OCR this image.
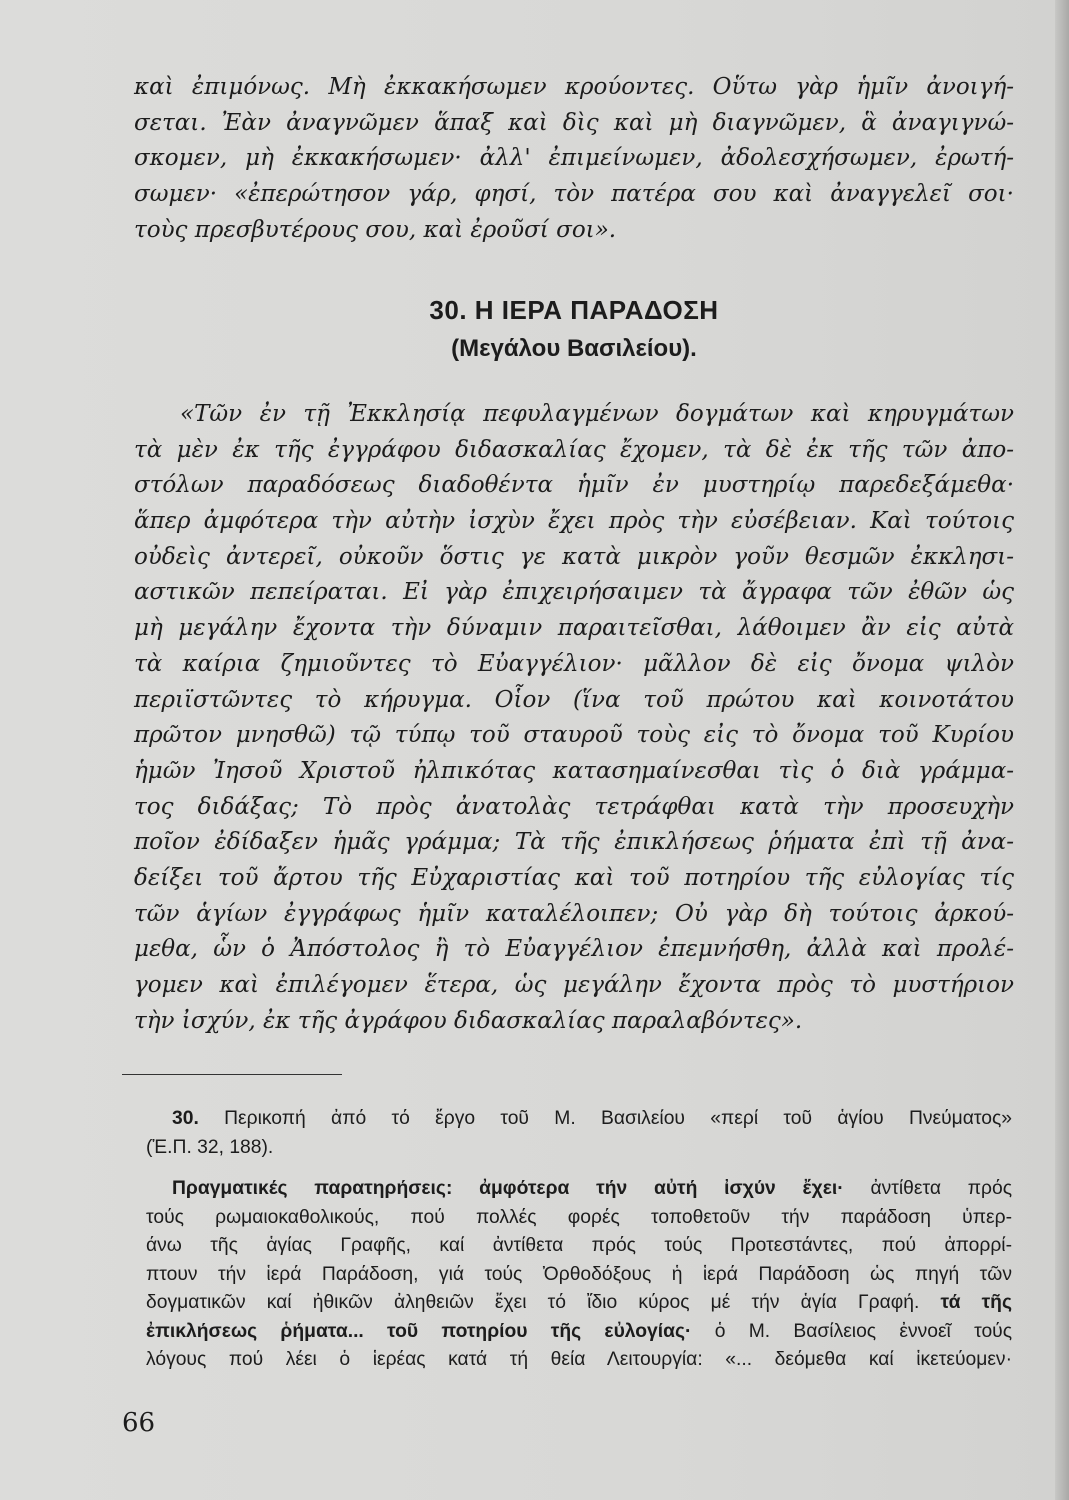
καὶ ἐπιμόνως. Μὴ ἐκκακήσωμεν κρούοντες. Οὕτω γὰρ ἡμῖν ἀνοιγή-
σεται. Ἐὰν ἀναγνῶμεν ἅπαξ καὶ δὶς καὶ μὴ διαγνῶμεν, ἃ ἀναγιγνώ-
σκομεν, μὴ ἐκκακήσωμεν· ἀλλ' ἐπιμείνωμεν, ἀδολεσχήσωμεν, ἐρωτή-
σωμεν· «ἐπερώτησον γάρ, φησί, τὸν πατέρα σου καὶ ἀναγγελεῖ σοι·
τοὺς πρεσβυτέρους σου, καὶ ἐροῦσί σοι».
30. Η ΙΕΡΑ ΠΑΡΑΔΟΣΗ
(Μεγάλου Βασιλείου).
«Τῶν ἐν τῇ Ἐκκλησίᾳ πεφυλαγμένων δογμάτων καὶ κηρυγμάτων
τὰ μὲν ἐκ τῆς ἐγγράφου διδασκαλίας ἔχομεν, τὰ δὲ ἐκ τῆς τῶν ἀπο-
στόλων παραδόσεως διαδοθέντα ἡμῖν ἐν μυστηρίῳ παρεδεξάμεθα·
ἅπερ ἀμφότερα τὴν αὐτὴν ἰσχὺν ἔχει πρὸς τὴν εὐσέβειαν. Καὶ τούτοις
οὐδεὶς ἀντερεῖ, οὐκοῦν ὅστις γε κατὰ μικρὸν γοῦν θεσμῶν ἐκκλησι-
αστικῶν πεπείραται. Εἰ γὰρ ἐπιχειρήσαιμεν τὰ ἄγραφα τῶν ἐθῶν ὡς
μὴ μεγάλην ἔχοντα τὴν δύναμιν παραιτεῖσθαι, λάθοιμεν ἂν εἰς αὐτὰ
τὰ καίρια ζημιοῦντες τὸ Εὐαγγέλιον· μᾶλλον δὲ εἰς ὄνομα ψιλὸν
περιϊστῶντες τὸ κήρυγμα. Οἷον (ἵνα τοῦ πρώτου καὶ κοινοτάτου
πρῶτον μνησθῶ) τῷ τύπῳ τοῦ σταυροῦ τοὺς εἰς τὸ ὄνομα τοῦ Κυρίου
ἡμῶν Ἰησοῦ Χριστοῦ ἠλπικότας κατασημαίνεσθαι τὶς ὁ διὰ γράμμα-
τος διδάξας; Τὸ πρὸς ἀνατολὰς τετράφθαι κατὰ τὴν προσευχὴν
ποῖον ἐδίδαξεν ἡμᾶς γράμμα; Τὰ τῆς ἐπικλήσεως ῥήματα ἐπὶ τῇ ἀνα-
δείξει τοῦ ἄρτου τῆς Εὐχαριστίας καὶ τοῦ ποτηρίου τῆς εὐλογίας τίς
τῶν ἁγίων ἐγγράφως ἡμῖν καταλέλοιπεν; Οὐ γὰρ δὴ τούτοις ἀρκού-
μεθα, ὧν ὁ Ἀπόστολος ἢ τὸ Εὐαγγέλιον ἐπεμνήσθη, ἀλλὰ καὶ προλέ-
γομεν καὶ ἐπιλέγομεν ἕτερα, ὡς μεγάλην ἔχοντα πρὸς τὸ μυστήριον
τὴν ἰσχύν, ἐκ τῆς ἀγράφου διδασκαλίας παραλαβόντες».
30. Περικοπή ἀπό τό ἔργο τοῦ Μ. Βασιλείου «περί τοῦ ἁγίου Πνεύματος»
(Ἐ.Π. 32, 188).
Πραγματικές παρατηρήσεις: ἀμφότερα τήν αὐτή ἰσχύν ἔχει· ἀντίθετα πρός
τούς ρωμαιοκαθολικούς, πού πολλές φορές τοποθετοῦν τήν παράδοση ὑπερ-
άνω τῆς ἁγίας Γραφῆς, καί ἀντίθετα πρός τούς Προτεστάντες, πού ἀπορρί-
πτουν τήν ἱερά Παράδοση, γιά τούς Ὀρθοδόξους ἡ ἱερά Παράδοση ὡς πηγή τῶν
δογματικῶν καί ἠθικῶν ἀληθειῶν ἔχει τό ἴδιο κύρος μέ τήν ἁγία Γραφή. τά τῆς
ἐπικλήσεως ῥήματα... τοῦ ποτηρίου τῆς εὐλογίας· ὁ Μ. Βασίλειος ἐννοεῖ τούς
λόγους πού λέει ὁ ἱερέας κατά τή θεία Λειτουργία: «... δεόμεθα καί ἱκετεύομεν·
66
